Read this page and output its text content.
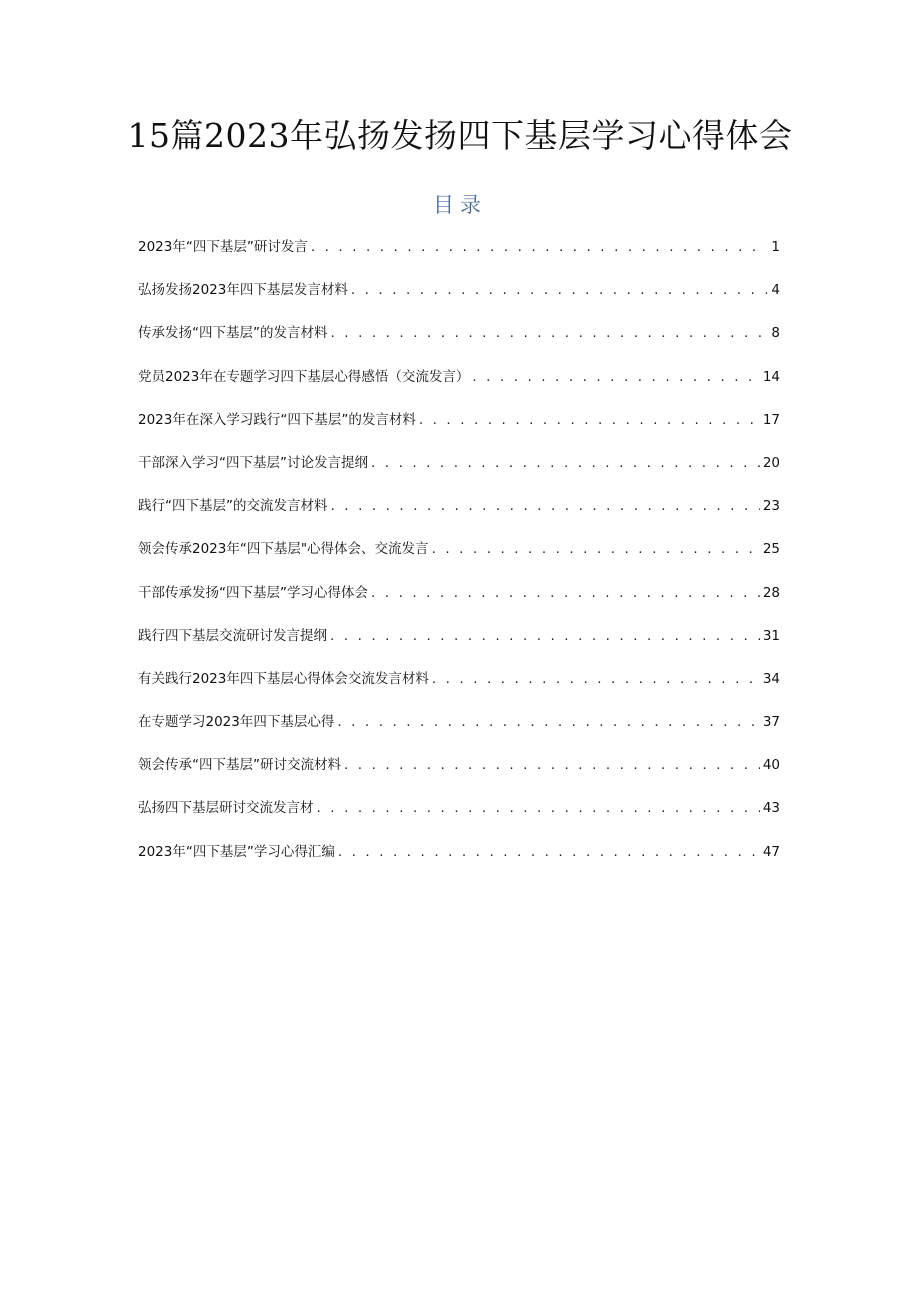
15篇2023年弘扬发扬四下基层学习心得体会
目录
2023年“四下基层”研讨发言 . . .	1
弘扬发扬2023年四下基层发言材料 . . .	4
传承发扬“四下基层”的发言材料 . . .	8
党员2023年在专题学习四下基层心得感悟（交流发言） . . .	14
2023年在深入学习践行“四下基层”的发言材料 . . .	17
干部深入学习“四下基层”讨论发言提纲 . . .	20
践行“四下基层”的交流发言材料 . . .	23
领会传承2023年“四下基层"心得体会、交流发言 . . .	25
干部传承发扬“四下基层”学习心得体会 . . .	28
践行四下基层交流研讨发言提纲 . . .	31
有关践行2023年四下基层心得体会交流发言材料 . . .	34
在专题学习2023年四下基层心得 . . .	37
领会传承“四下基层”研讨交流材料 . . .	40
弘扬四下基层研讨交流发言材 . . .	43
2023年“四下基层”学习心得汇编 . . .	47
